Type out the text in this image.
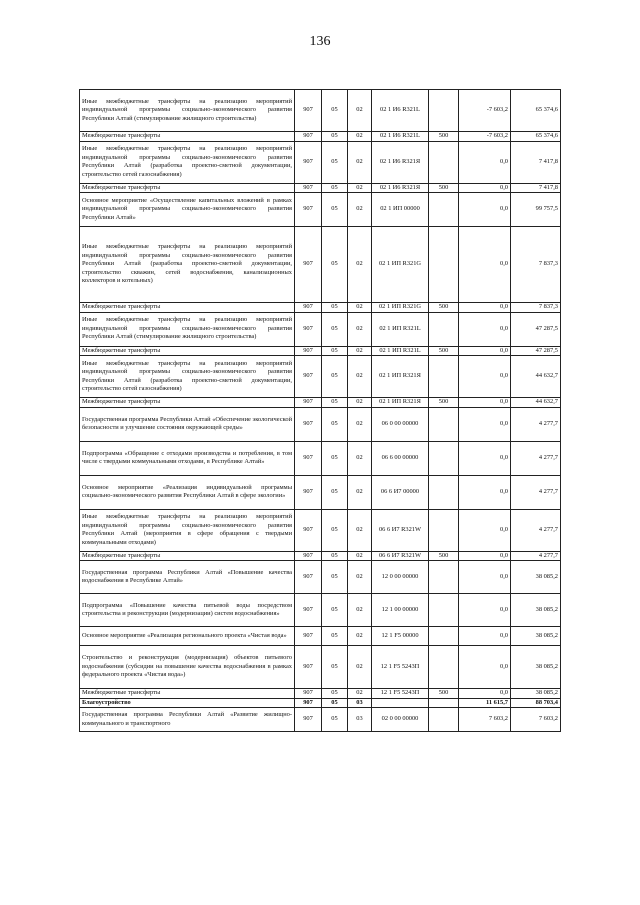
136
Иные межбюджетные трансферты на реализацию мероприятий индивидуальной программы социально-экономического развития Республики Алтай (стимулирование жилищного строительства)	907	05	02	02 1 И6 R321L		-7 603,2	65 374,6
Межбюджетные трансферты	907	05	02	02 1 И6 R321L	500	-7 603,2	65 374,6
Иные межбюджетные трансферты на реализацию мероприятий индивидуальной программы социально-экономического развития Республики Алтай (разработка проектно-сметной документации, строительство сетей газоснабжения)	907	05	02	02 1 И6 R321Я		0,0	7 417,8
Межбюджетные трансферты	907	05	02	02 1 И6 R321Я	500	0,0	7 417,8
Основное мероприятие «Осуществление капитальных вложений в рамках индивидуальной программы социально-экономического развития Республики Алтай»	907	05	02	02 1 ИП 00000		0,0	99 757,5
Иные межбюджетные трансферты на реализацию мероприятий индивидуальной программы социально-экономического развития Республики Алтай (разработка проектно-сметной документации, строительство скважин, сетей водоснабжения, канализационных коллекторов и котельных)	907	05	02	02 1 ИП R321G		0,0	7 837,3
Межбюджетные трансферты	907	05	02	02 1 ИП R321G	500	0,0	7 837,3
Иные межбюджетные трансферты на реализацию мероприятий индивидуальной программы социально-экономического развития Республики Алтай (стимулирование жилищного строительства)	907	05	02	02 1 ИП R321L		0,0	47 287,5
Межбюджетные трансферты	907	05	02	02 1 ИП R321L	500	0,0	47 287,5
Иные межбюджетные трансферты на реализацию мероприятий индивидуальной программы социально-экономического развития Республики Алтай (разработка проектно-сметной документации, строительство сетей газоснабжения)	907	05	02	02 1 ИП R321Я		0,0	44 632,7
Межбюджетные трансферты	907	05	02	02 1 ИП R321Я	500	0,0	44 632,7
Государственная программа Республики Алтай «Обеспечение экологической безопасности и улучшение состояния окружающей среды»	907	05	02	06 0 00 00000		0,0	4 277,7
Подпрограмма «Обращение с отходами производства и потребления, в том числе с твердыми коммунальными отходами, в Республике Алтай»	907	05	02	06 6 00 00000		0,0	4 277,7
Основное мероприятие «Реализация индивидуальной программы социально-экономического развития Республики Алтай в сфере экологии»	907	05	02	06 6 И7 00000		0,0	4 277,7
Иные межбюджетные трансферты на реализацию мероприятий индивидуальной программы социально-экономического развития Республики Алтай (мероприятия в сфере обращения с твердыми коммунальными отходами)	907	05	02	06 6 И7 R321W		0,0	4 277,7
Межбюджетные трансферты	907	05	02	06 6 И7 R321W	500	0,0	4 277,7
Государственная программа Республики Алтай «Повышение качества водоснабжения в Республике Алтай»	907	05	02	12 0 00 00000		0,0	38 085,2
Подпрограмма «Повышение качества питьевой воды посредством строительства и реконструкции (модернизации) систем водоснабжения»	907	05	02	12 1 00 00000		0,0	38 085,2
Основное мероприятие «Реализация регионального проекта «Чистая вода»	907	05	02	12 1 F5 00000		0,0	38 085,2
Строительство и реконструкция (модернизация) объектов питьевого водоснабжения (субсидии на повышение качества водоснабжения в рамках федерального проекта «Чистая вода»)	907	05	02	12 1 F5 5243П		0,0	38 085,2
Межбюджетные трансферты	907	05	02	12 1 F5 5243П	500	0,0	38 085,2
Благоустройство	907	05	03			11 615,7	88 703,4
Государственная программа Республики Алтай «Развитие жилищно-коммунального и транспортного	907	05	03	02 0 00 00000		7 603,2	7 603,2
